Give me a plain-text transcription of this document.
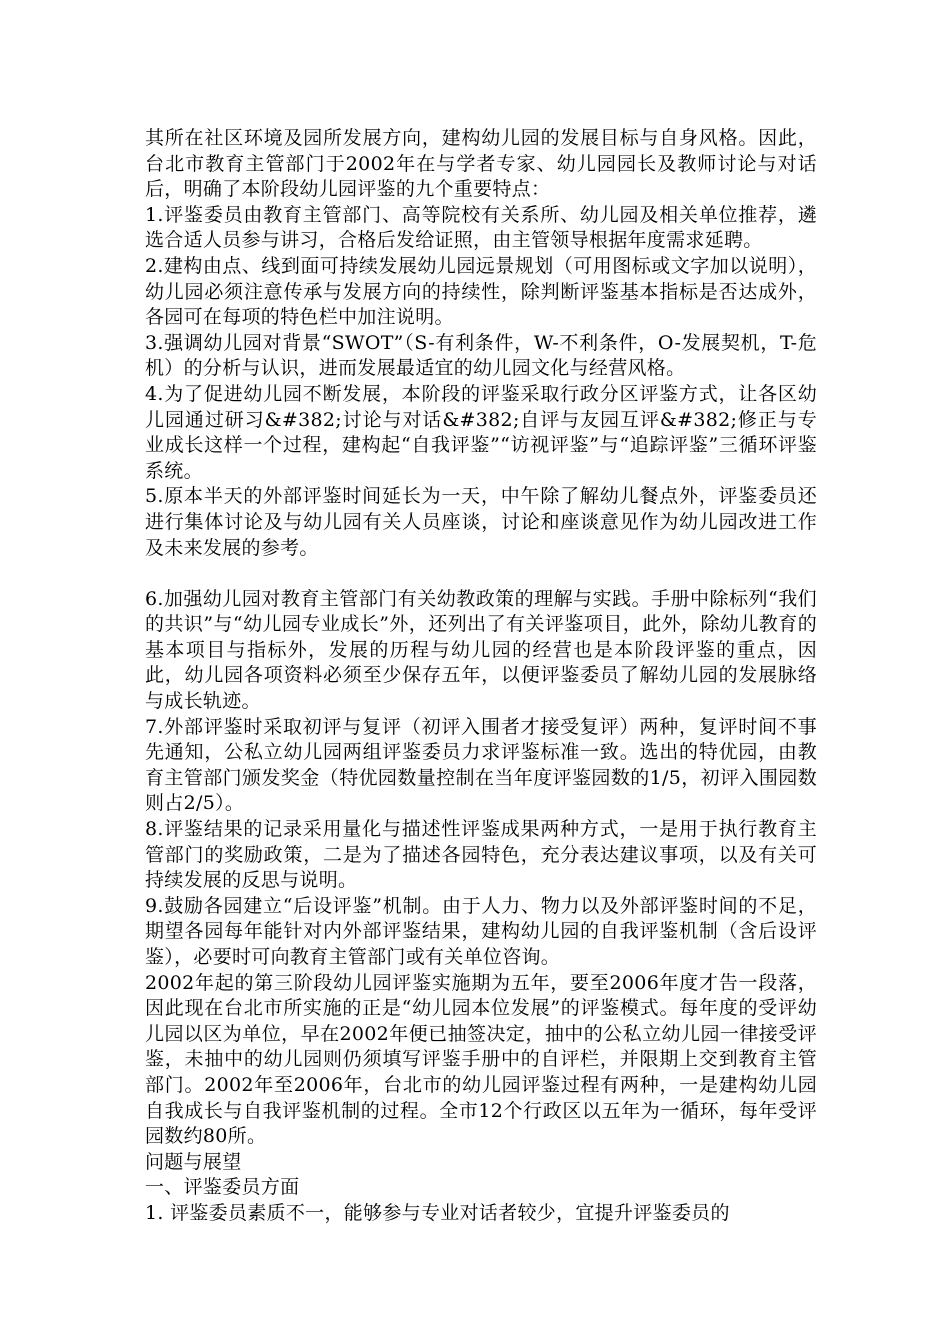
其所在社区环境及园所发展方向，建构幼儿园的发展目标与自身风格。因此，台北市教育主管部门于2002年在与学者专家、幼儿园园长及教师讨论与对话后，明确了本阶段幼儿园评鉴的九个重要特点：

1.评鉴委员由教育主管部门、高等院校有关系所、幼儿园及相关单位推荐，遴选合适人员参与讲习，合格后发给证照，由主管领导根据年度需求延聘。

2.建构由点、线到面可持续发展幼儿园远景规划（可用图标或文字加以说明），幼儿园必须注意传承与发展方向的持续性，除判断评鉴基本指标是否达成外，各园可在每项的特色栏中加注说明。

3.强调幼儿园对背景“SWOT”（S-有利条件，W-不利条件，O-发展契机，T-危机）的分析与认识，进而发展最适宜的幼儿园文化与经营风格。

4.为了促进幼儿园不断发展，本阶段的评鉴采取行政分区评鉴方式，让各区幼儿园通过研习&#382;讨论与对话&#382;自评与友园互评&#382;修正与专业成长这样一个过程，建构起“自我评鉴”“访视评鉴”与“追踪评鉴”三循环评鉴系统。

5.原本半天的外部评鉴时间延长为一天，中午除了解幼儿餐点外，评鉴委员还进行集体讨论及与幼儿园有关人员座谈，讨论和座谈意见作为幼儿园改进工作及未来发展的参考。

6.加强幼儿园对教育主管部门有关幼教政策的理解与实践。手册中除标列“我们的共识”与“幼儿园专业成长”外，还列出了有关评鉴项目，此外，除幼儿教育的基本项目与指标外，发展的历程与幼儿园的经营也是本阶段评鉴的重点，因此，幼儿园各项资料必须至少保存五年，以便评鉴委员了解幼儿园的发展脉络与成长轨迹。

7.外部评鉴时采取初评与复评（初评入围者才接受复评）两种，复评时间不事先通知，公私立幼儿园两组评鉴委员力求评鉴标准一致。选出的特优园，由教育主管部门颁发奖金（特优园数量控制在当年度评鉴园数的1/5，初评入围园数则占2/5）。

8.评鉴结果的记录采用量化与描述性评鉴成果两种方式，一是用于执行教育主管部门的奖励政策，二是为了描述各园特色，充分表达建议事项，以及有关可持续发展的反思与说明。

9.鼓励各园建立“后设评鉴”机制。由于人力、物力以及外部评鉴时间的不足，期望各园每年能针对内外部评鉴结果，建构幼儿园的自我评鉴机制（含后设评鉴），必要时可向教育主管部门或有关单位咨询。

2002年起的第三阶段幼儿园评鉴实施期为五年，要至2006年度才告一段落，因此现在台北市所实施的正是“幼儿园本位发展”的评鉴模式。每年度的受评幼儿园以区为单位，早在2002年便已抽签决定，抽中的公私立幼儿园一律接受评鉴，未抽中的幼儿园则仍须填写评鉴手册中的自评栏，并限期上交到教育主管部门。2002年至2006年，台北市的幼儿园评鉴过程有两种，一是建构幼儿园自我成长与自我评鉴机制的过程。全市12个行政区以五年为一循环，每年受评园数约80所。

问题与展望

一、评鉴委员方面

1. 评鉴委员素质不一，能够参与专业对话者较少，宜提升评鉴委员的
